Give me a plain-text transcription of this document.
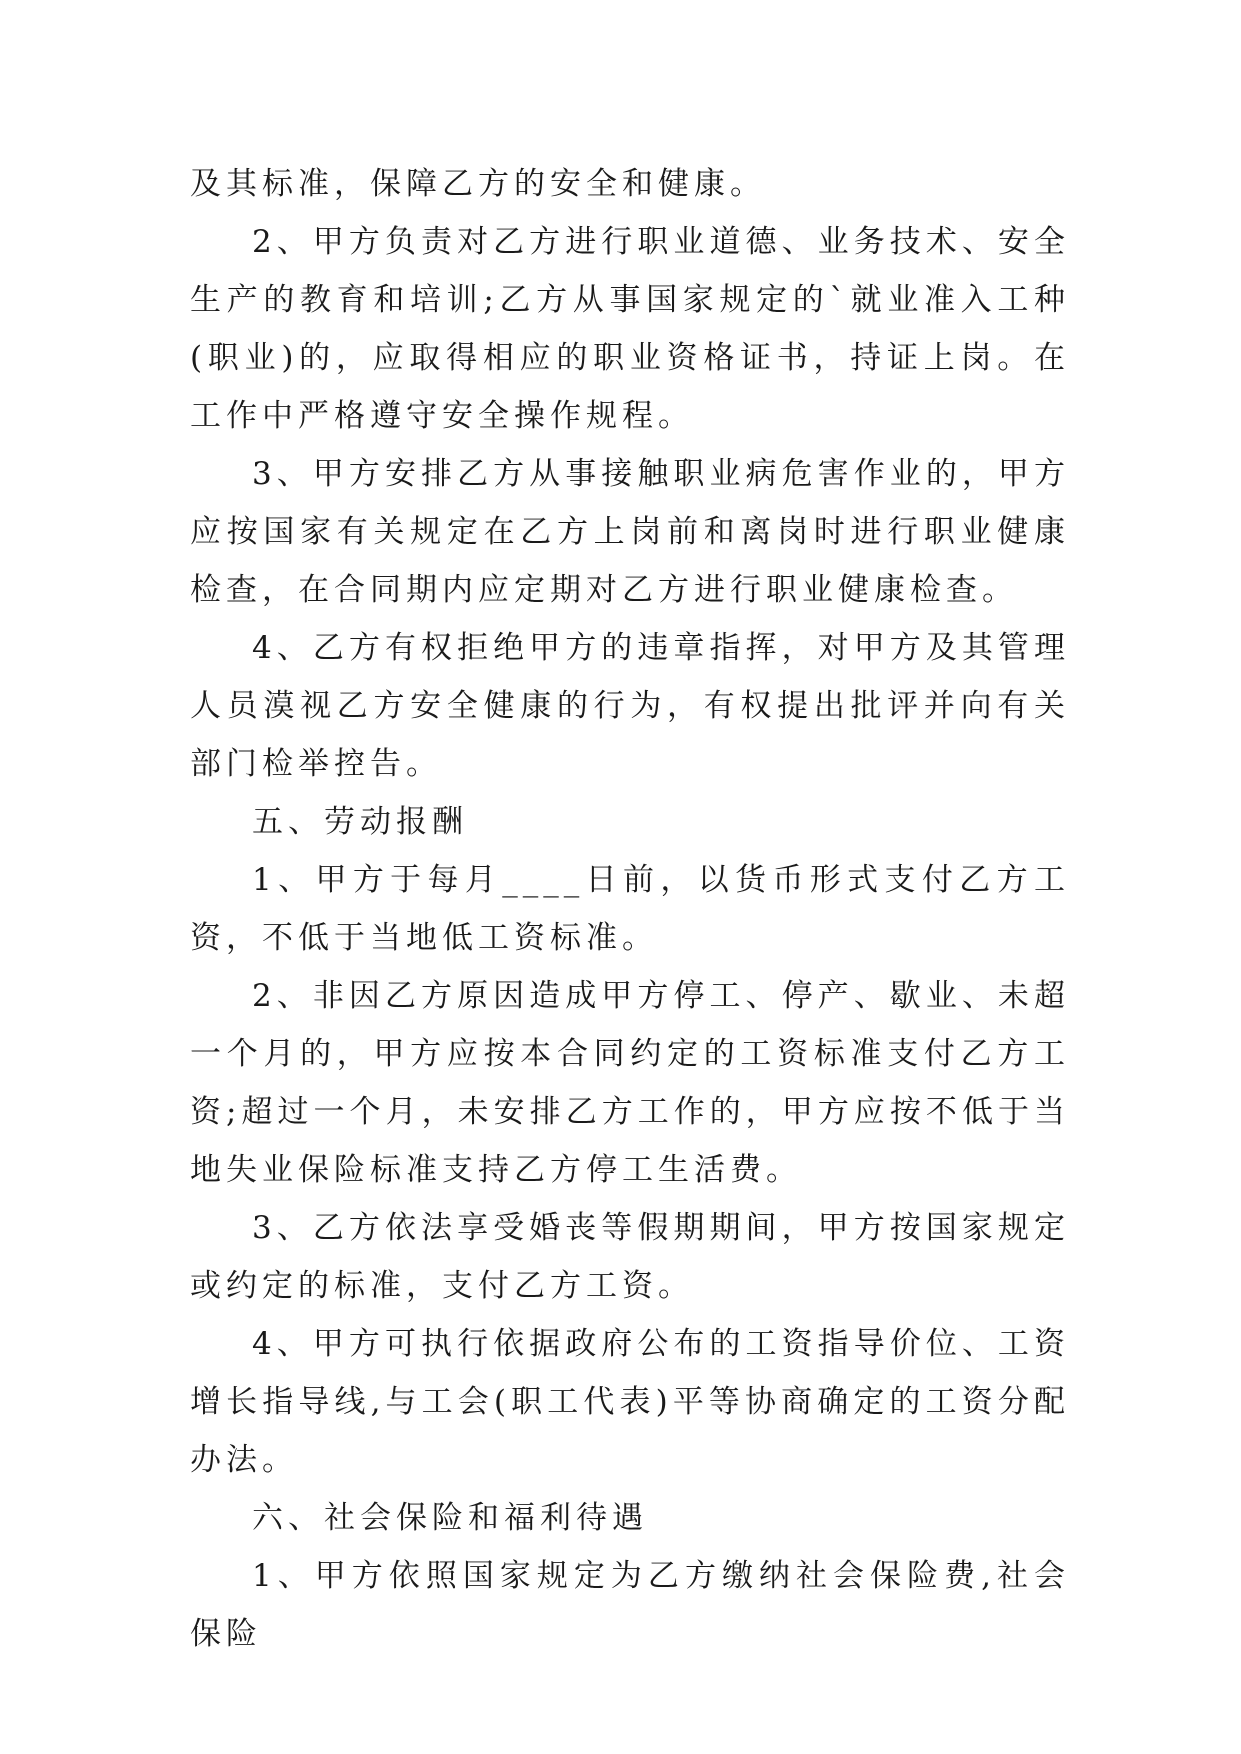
及其标准，保障乙方的安全和健康。

2、甲方负责对乙方进行职业道德、业务技术、安全生产的教育和培训;乙方从事国家规定的`就业准入工种(职业)的，应取得相应的职业资格证书，持证上岗。在工作中严格遵守安全操作规程。

3、甲方安排乙方从事接触职业病危害作业的，甲方应按国家有关规定在乙方上岗前和离岗时进行职业健康检查，在合同期内应定期对乙方进行职业健康检查。

4、乙方有权拒绝甲方的违章指挥，对甲方及其管理人员漠视乙方安全健康的行为，有权提出批评并向有关部门检举控告。

五、劳动报酬

1、甲方于每月____日前，以货币形式支付乙方工资，不低于当地低工资标准。

2、非因乙方原因造成甲方停工、停产、歇业、未超一个月的，甲方应按本合同约定的工资标准支付乙方工资;超过一个月，未安排乙方工作的，甲方应按不低于当地失业保险标准支持乙方停工生活费。

3、乙方依法享受婚丧等假期期间，甲方按国家规定或约定的标准，支付乙方工资。

4、甲方可执行依据政府公布的工资指导价位、工资增长指导线,与工会(职工代表)平等协商确定的工资分配办法。

六、社会保险和福利待遇

1、甲方依照国家规定为乙方缴纳社会保险费,社会保险
